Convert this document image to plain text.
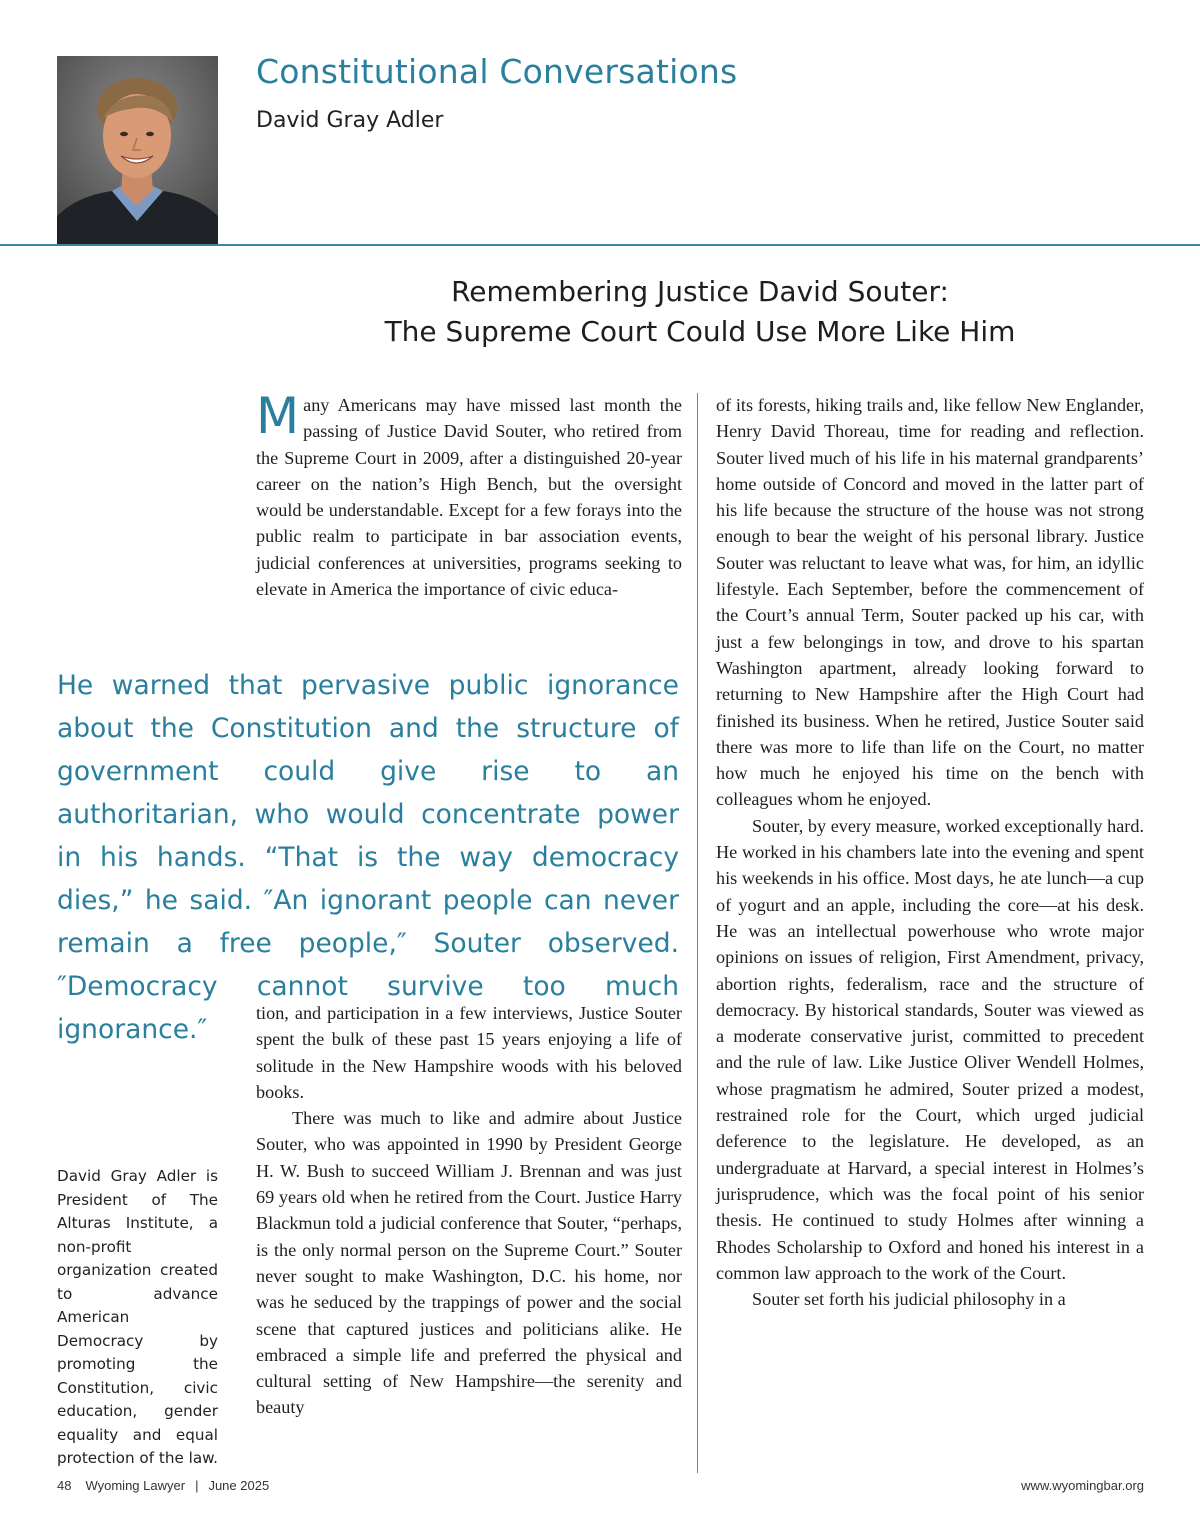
Constitutional Conversations
David Gray Adler
Remembering Justice David Souter:
The Supreme Court Could Use More Like Him

Many Americans may have missed last month the passing of Justice David Souter, who retired from the Supreme Court in 2009, after a distinguished 20-year career on the nation’s High Bench, but the oversight would be understandable. Except for a few forays into the public realm to participate in bar association events, judicial conferences at universities, programs seeking to elevate in America the importance of civic educa-

He warned that pervasive public ignorance about the Constitution and the structure of government could give rise to an authoritarian, who would concentrate power in his hands. “That is the way democracy dies,” he said. ″An ignorant people can never remain a free people,″ Souter observed. ″Democracy cannot survive too much ignorance.″

tion, and participation in a few interviews, Justice Souter spent the bulk of these past 15 years enjoying a life of solitude in the New Hampshire woods with his beloved books.

There was much to like and admire about Justice Souter, who was appointed in 1990 by President George H. W. Bush to succeed William J. Brennan and was just 69 years old when he retired from the Court. Justice Harry Blackmun told a judicial conference that Souter, “perhaps, is the only normal person on the Supreme Court.” Souter never sought to make Washington, D.C. his home, nor was he seduced by the trappings of power and the social scene that captured justices and politicians alike. He embraced a simple life and preferred the physical and cultural setting of New Hampshire—the serenity and beauty

of its forests, hiking trails and, like fellow New Englander, Henry David Thoreau, time for reading and reflection. Souter lived much of his life in his maternal grandparents’ home outside of Concord and moved in the latter part of his life because the structure of the house was not strong enough to bear the weight of his personal library. Justice Souter was reluctant to leave what was, for him, an idyllic lifestyle. Each September, before the commencement of the Court’s annual Term, Souter packed up his car, with just a few belongings in tow, and drove to his spartan Washington apartment, already looking forward to returning to New Hampshire after the High Court had finished its business. When he retired, Justice Souter said there was more to life than life on the Court, no matter how much he enjoyed his time on the bench with colleagues whom he enjoyed.

Souter, by every measure, worked exceptionally hard. He worked in his chambers late into the evening and spent his weekends in his office. Most days, he ate lunch—a cup of yogurt and an apple, including the core—at his desk. He was an intellectual powerhouse who wrote major opinions on issues of religion, First Amendment, privacy, abortion rights, federalism, race and the structure of democracy. By historical standards, Souter was viewed as a moderate conservative jurist, committed to precedent and the rule of law. Like Justice Oliver Wendell Holmes, whose pragmatism he admired, Souter prized a modest, restrained role for the Court, which urged judicial deference to the legislature. He developed, as an undergraduate at Harvard, a special interest in Holmes’s jurisprudence, which was the focal point of his senior thesis. He continued to study Holmes after winning a Rhodes Scholarship to Oxford and honed his interest in a common law approach to the work of the Court.

Souter set forth his judicial philosophy in a

David Gray Adler is President of The Alturas Institute, a non-profit organization created to advance American Democracy by promoting the Constitution, civic education, gender equality and equal protection of the law.
48 Wyoming Lawyer | June 2025	www.wyomingbar.org
